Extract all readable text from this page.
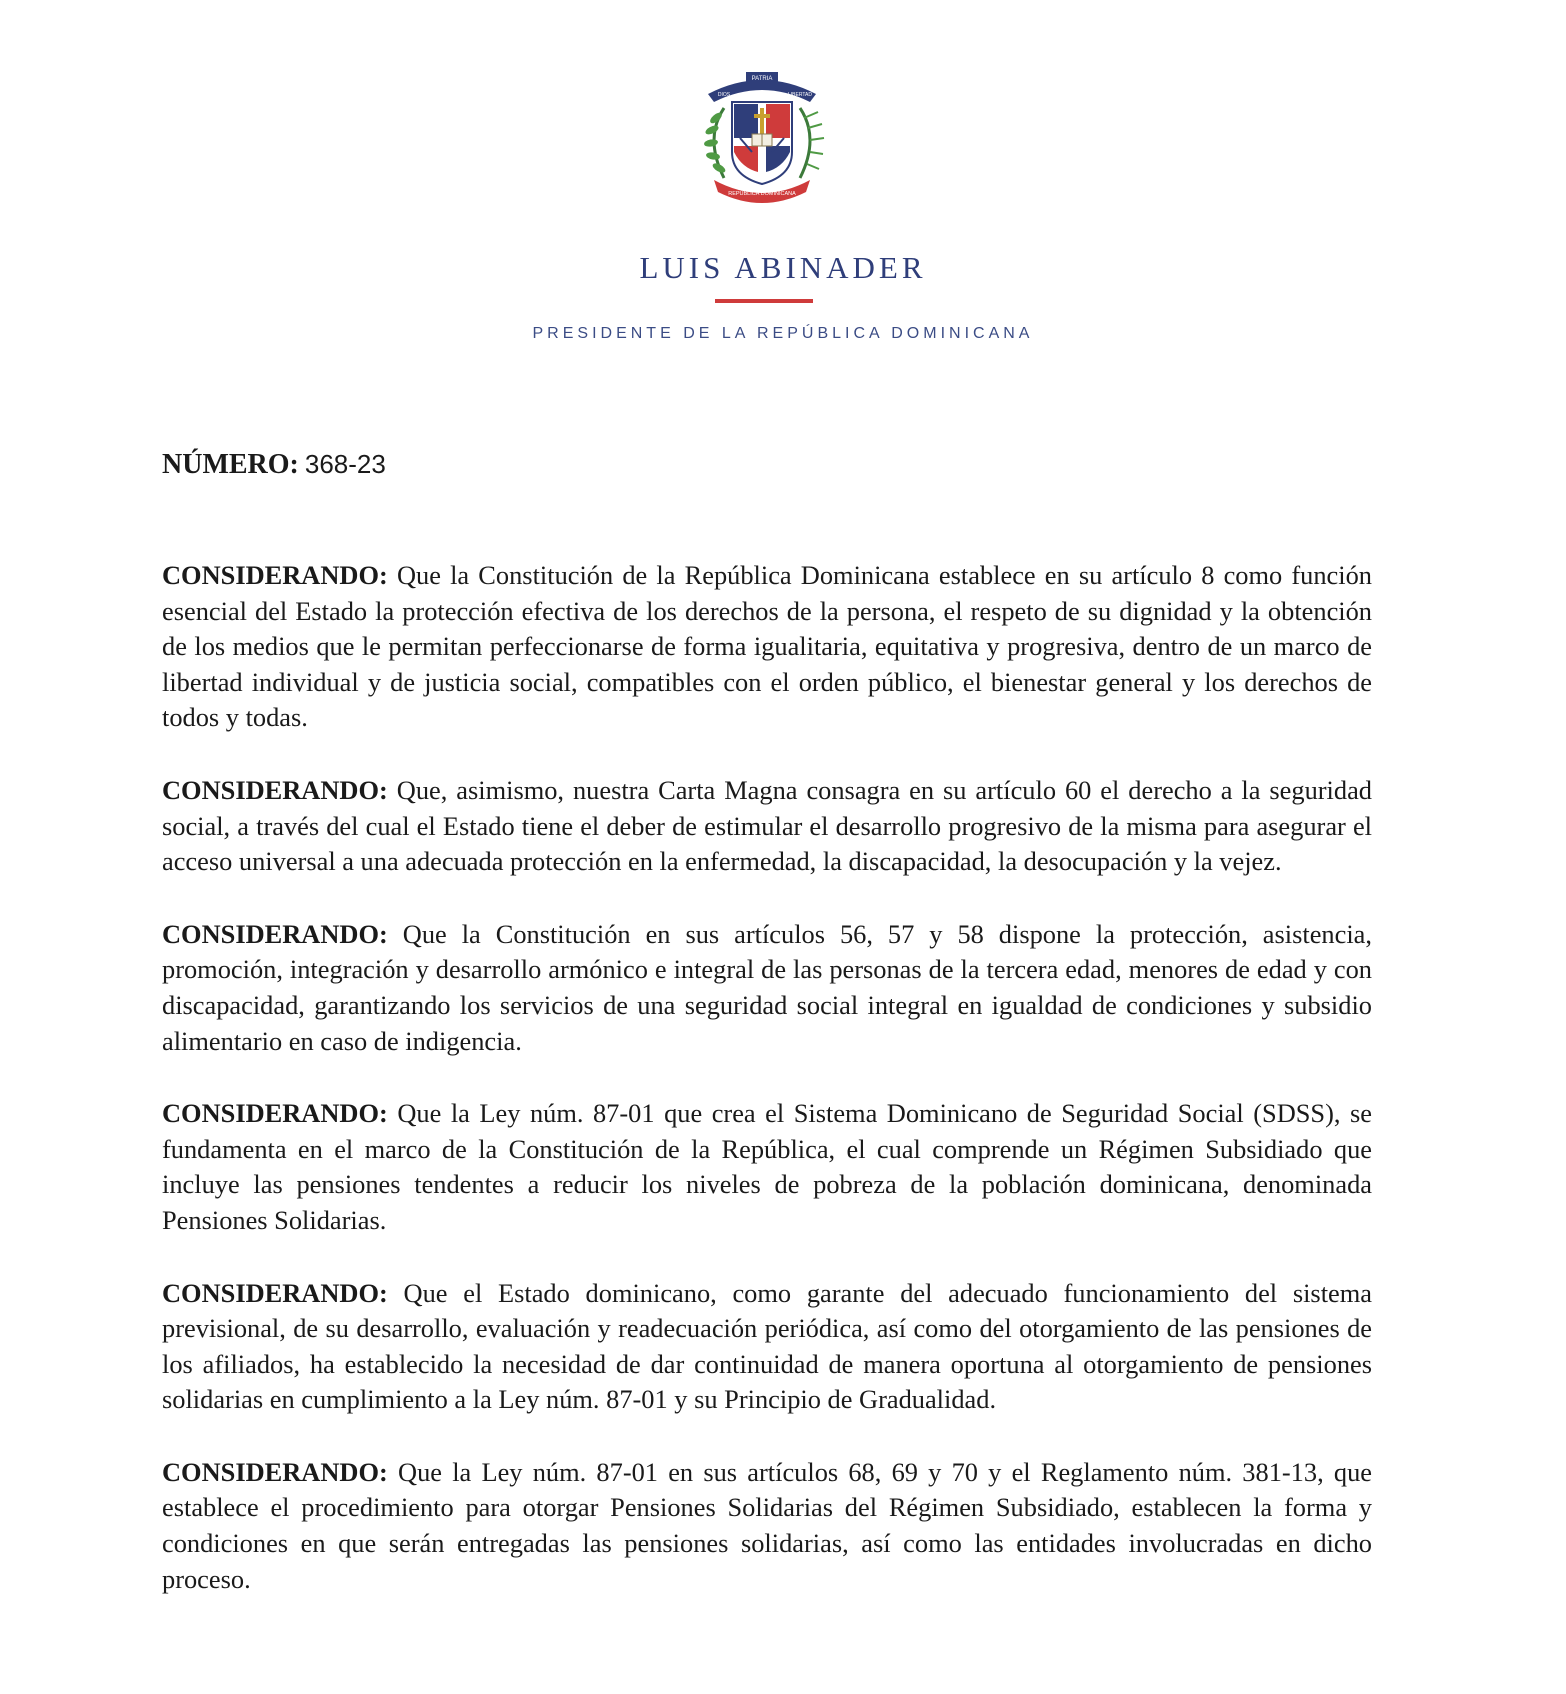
PATRIA
DIOS	LIBERTAD
REPÚBLICA DOMINICANA
LUIS ABINADER
PRESIDENTE DE LA REPÚBLICA DOMINICANA
NÚMERO: 368-23

CONSIDERANDO: Que la Constitución de la República Dominicana establece en su artículo 8 como función esencial del Estado la protección efectiva de los derechos de la persona, el respeto de su dignidad y la obtención de los medios que le permitan perfeccionarse de forma igualitaria, equitativa y progresiva, dentro de un marco de libertad individual y de justicia social, compatibles con el orden público, el bienestar general y los derechos de todos y todas.

CONSIDERANDO: Que, asimismo, nuestra Carta Magna consagra en su artículo 60 el derecho a la seguridad social, a través del cual el Estado tiene el deber de estimular el desarrollo progresivo de la misma para asegurar el acceso universal a una adecuada protección en la enfermedad, la discapacidad, la desocupación y la vejez.

CONSIDERANDO: Que la Constitución en sus artículos 56, 57 y 58 dispone la protección, asistencia, promoción, integración y desarrollo armónico e integral de las personas de la tercera edad, menores de edad y con discapacidad, garantizando los servicios de una seguridad social integral en igualdad de condiciones y subsidio alimentario en caso de indigencia.

CONSIDERANDO: Que la Ley núm. 87-01 que crea el Sistema Dominicano de Seguridad Social (SDSS), se fundamenta en el marco de la Constitución de la República, el cual comprende un Régimen Subsidiado que incluye las pensiones tendentes a reducir los niveles de pobreza de la población dominicana, denominada Pensiones Solidarias.

CONSIDERANDO: Que el Estado dominicano, como garante del adecuado funcionamiento del sistema previsional, de su desarrollo, evaluación y readecuación periódica, así como del otorgamiento de las pensiones de los afiliados, ha establecido la necesidad de dar continuidad de manera oportuna al otorgamiento de pensiones solidarias en cumplimiento a la Ley núm. 87-01 y su Principio de Gradualidad.

CONSIDERANDO: Que la Ley núm. 87-01 en sus artículos 68, 69 y 70 y el Reglamento núm. 381-13, que establece el procedimiento para otorgar Pensiones Solidarias del Régimen Subsidiado, establecen la forma y condiciones en que serán entregadas las pensiones solidarias, así como las entidades involucradas en dicho proceso.
